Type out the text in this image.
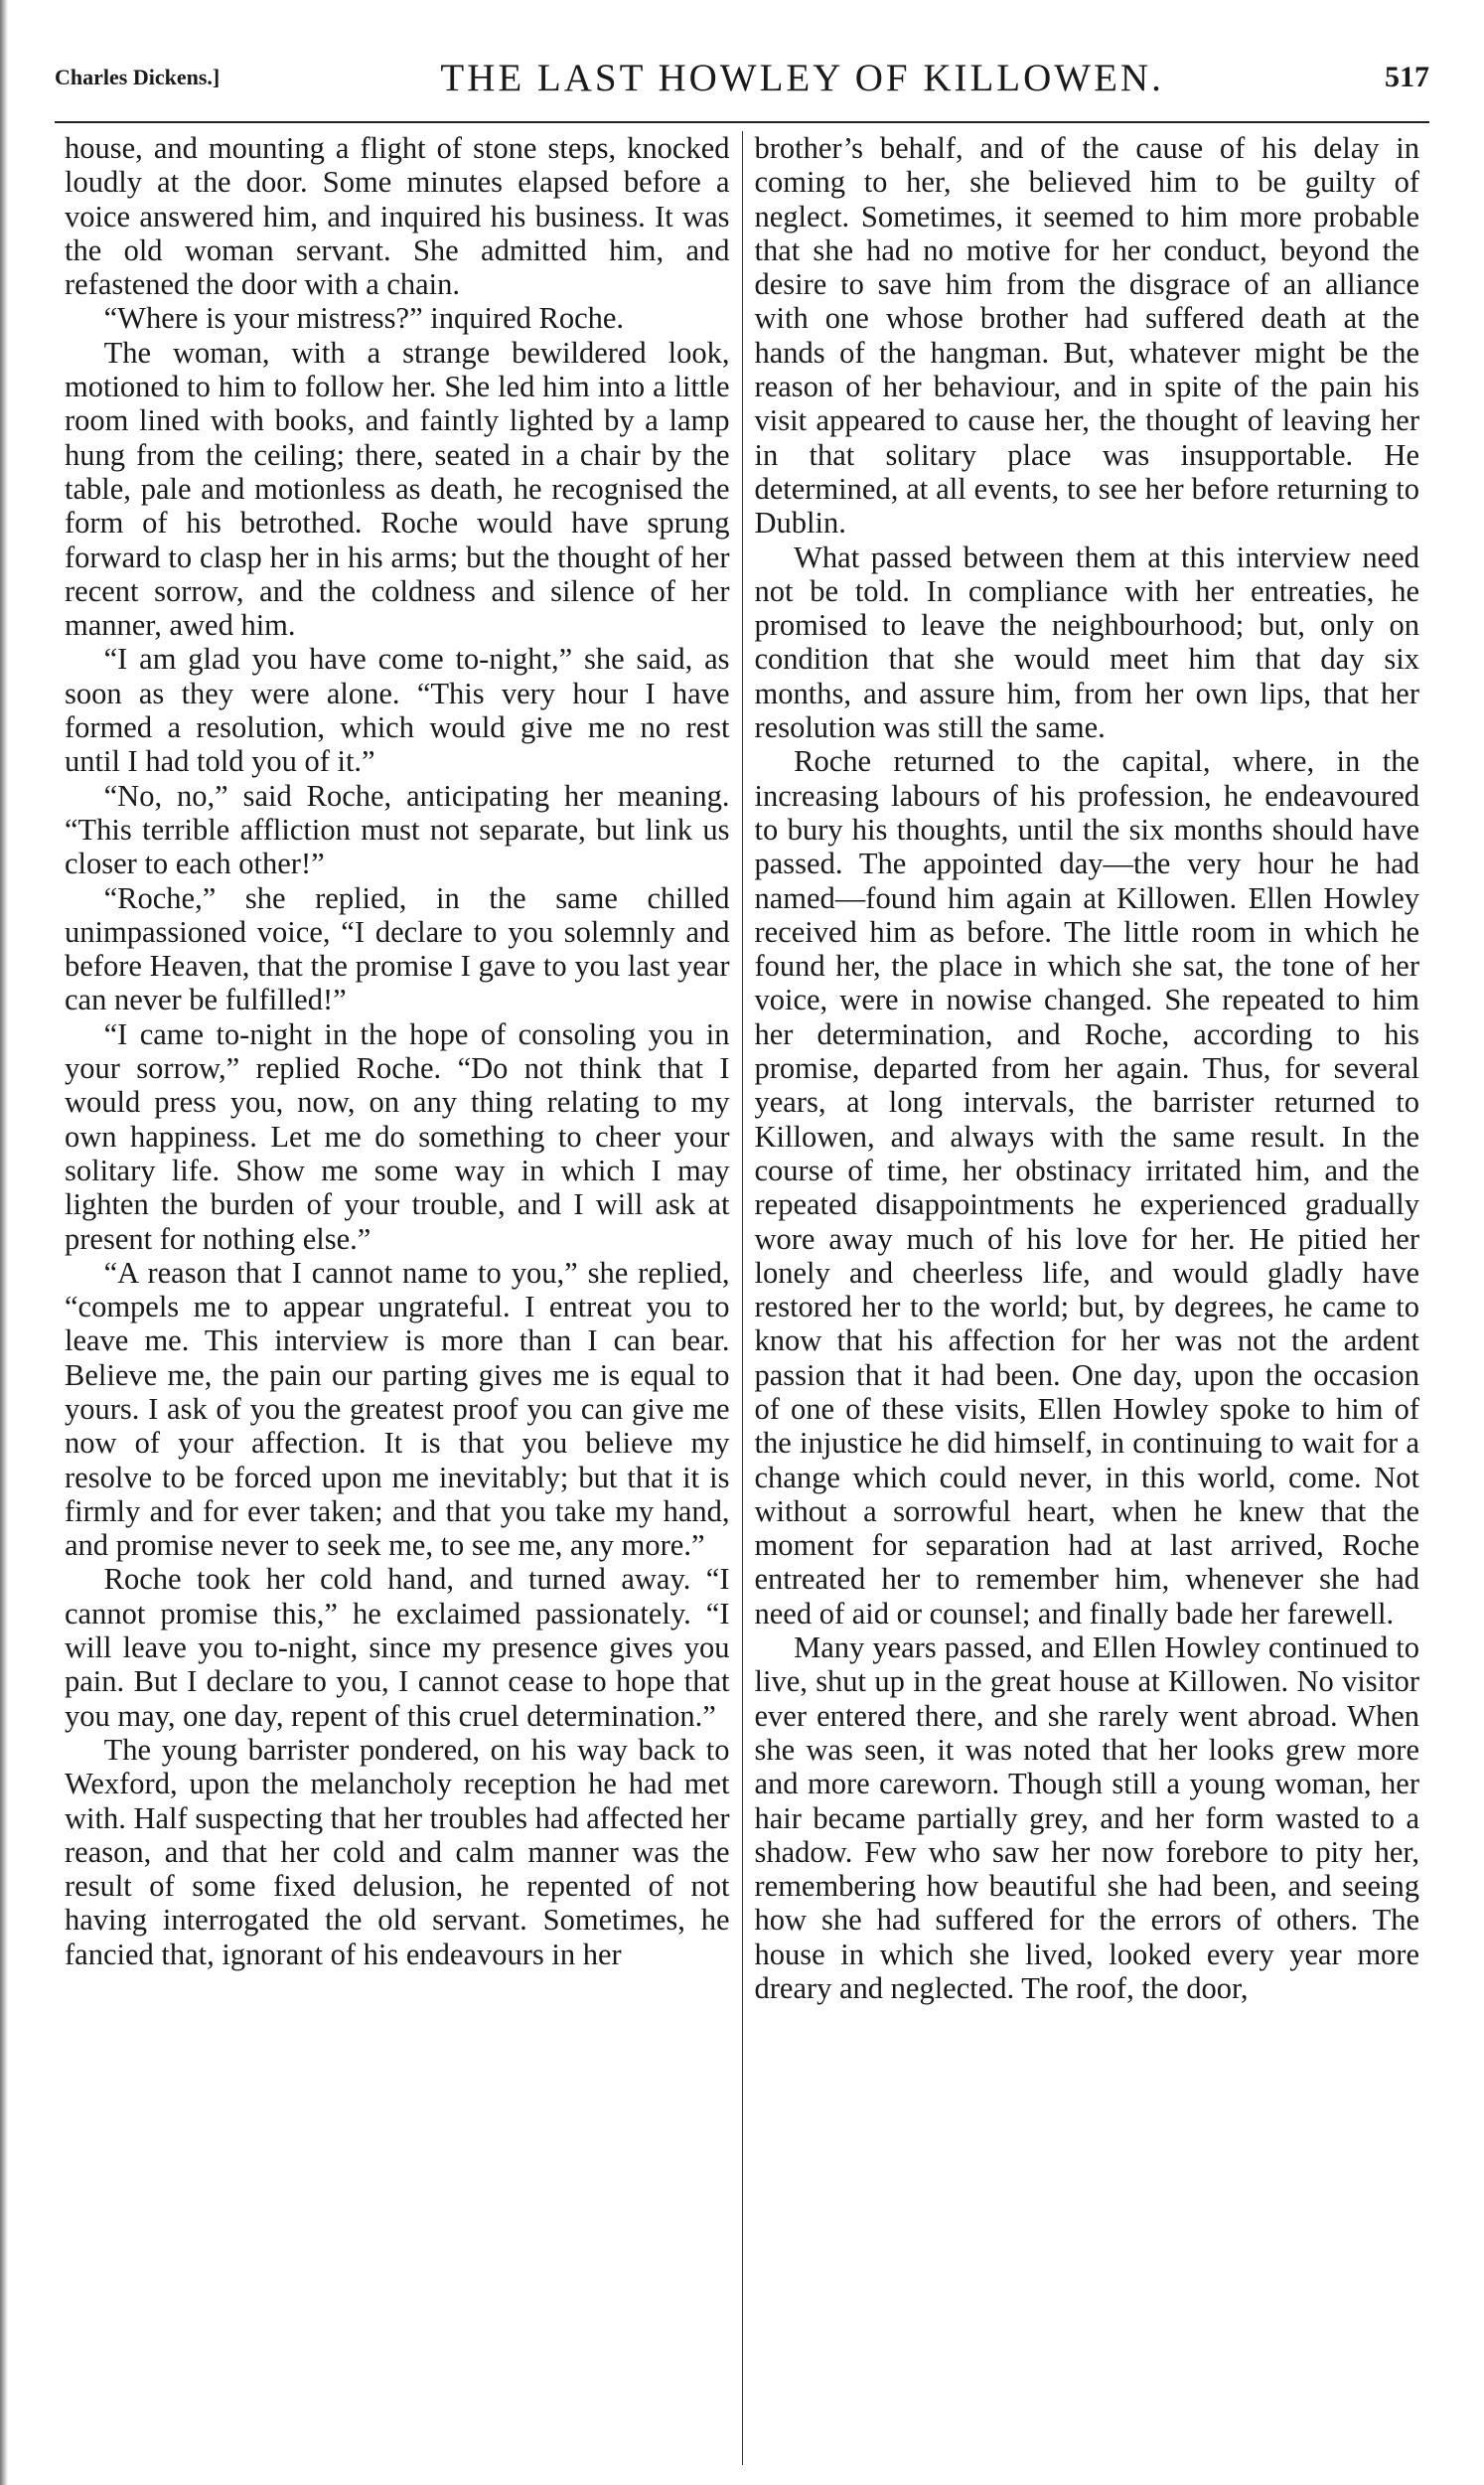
Charles Dickens.]	THE LAST HOWLEY OF KILLOWEN.	517

house, and mounting a flight of stone steps, knocked loudly at the door. Some minutes elapsed before a voice answered him, and inquired his business. It was the old woman servant. She admitted him, and refastened the door with a chain.

“Where is your mistress?” inquired Roche.

The woman, with a strange bewildered look, motioned to him to follow her. She led him into a little room lined with books, and faintly lighted by a lamp hung from the ceiling; there, seated in a chair by the table, pale and motionless as death, he recognised the form of his betrothed. Roche would have sprung forward to clasp her in his arms; but the thought of her recent sorrow, and the coldness and silence of her manner, awed him.

“I am glad you have come to-night,” she said, as soon as they were alone. “This very hour I have formed a resolution, which would give me no rest until I had told you of it.”

“No, no,” said Roche, anticipating her meaning. “This terrible affliction must not separate, but link us closer to each other!”

“Roche,” she replied, in the same chilled unimpassioned voice, “I declare to you solemnly and before Heaven, that the promise I gave to you last year can never be fulfilled!”

“I came to-night in the hope of consoling you in your sorrow,” replied Roche. “Do not think that I would press you, now, on any thing relating to my own happiness. Let me do something to cheer your solitary life. Show me some way in which I may lighten the burden of your trouble, and I will ask at present for nothing else.”

“A reason that I cannot name to you,” she replied, “compels me to appear ungrateful. I entreat you to leave me. This interview is more than I can bear. Believe me, the pain our parting gives me is equal to yours. I ask of you the greatest proof you can give me now of your affection. It is that you believe my resolve to be forced upon me inevitably; but that it is firmly and for ever taken; and that you take my hand, and promise never to seek me, to see me, any more.”

Roche took her cold hand, and turned away. “I cannot promise this,” he exclaimed passionately. “I will leave you to-night, since my presence gives you pain. But I declare to you, I cannot cease to hope that you may, one day, repent of this cruel determination.”

The young barrister pondered, on his way back to Wexford, upon the melancholy reception he had met with. Half suspecting that her troubles had affected her reason, and that her cold and calm manner was the result of some fixed delusion, he repented of not having interrogated the old servant. Sometimes, he fancied that, ignorant of his endeavours in her

brother’s behalf, and of the cause of his delay in coming to her, she believed him to be guilty of neglect. Sometimes, it seemed to him more probable that she had no motive for her conduct, beyond the desire to save him from the disgrace of an alliance with one whose brother had suffered death at the hands of the hangman. But, whatever might be the reason of her behaviour, and in spite of the pain his visit appeared to cause her, the thought of leaving her in that solitary place was insupportable. He determined, at all events, to see her before returning to Dublin.

What passed between them at this interview need not be told. In compliance with her entreaties, he promised to leave the neighbourhood; but, only on condition that she would meet him that day six months, and assure him, from her own lips, that her resolution was still the same.

Roche returned to the capital, where, in the increasing labours of his profession, he endeavoured to bury his thoughts, until the six months should have passed. The appointed day—the very hour he had named—found him again at Killowen. Ellen Howley received him as before. The little room in which he found her, the place in which she sat, the tone of her voice, were in nowise changed. She repeated to him her determination, and Roche, according to his promise, departed from her again. Thus, for several years, at long intervals, the barrister returned to Killowen, and always with the same result. In the course of time, her obstinacy irritated him, and the repeated disappointments he experienced gradually wore away much of his love for her. He pitied her lonely and cheerless life, and would gladly have restored her to the world; but, by degrees, he came to know that his affection for her was not the ardent passion that it had been. One day, upon the occasion of one of these visits, Ellen Howley spoke to him of the injustice he did himself, in continuing to wait for a change which could never, in this world, come. Not without a sorrowful heart, when he knew that the moment for separation had at last arrived, Roche entreated her to remember him, whenever she had need of aid or counsel; and finally bade her farewell.

Many years passed, and Ellen Howley continued to live, shut up in the great house at Killowen. No visitor ever entered there, and she rarely went abroad. When she was seen, it was noted that her looks grew more and more careworn. Though still a young woman, her hair became partially grey, and her form wasted to a shadow. Few who saw her now forebore to pity her, remembering how beautiful she had been, and seeing how she had suffered for the errors of others. The house in which she lived, looked every year more dreary and neglected. The roof, the door,
